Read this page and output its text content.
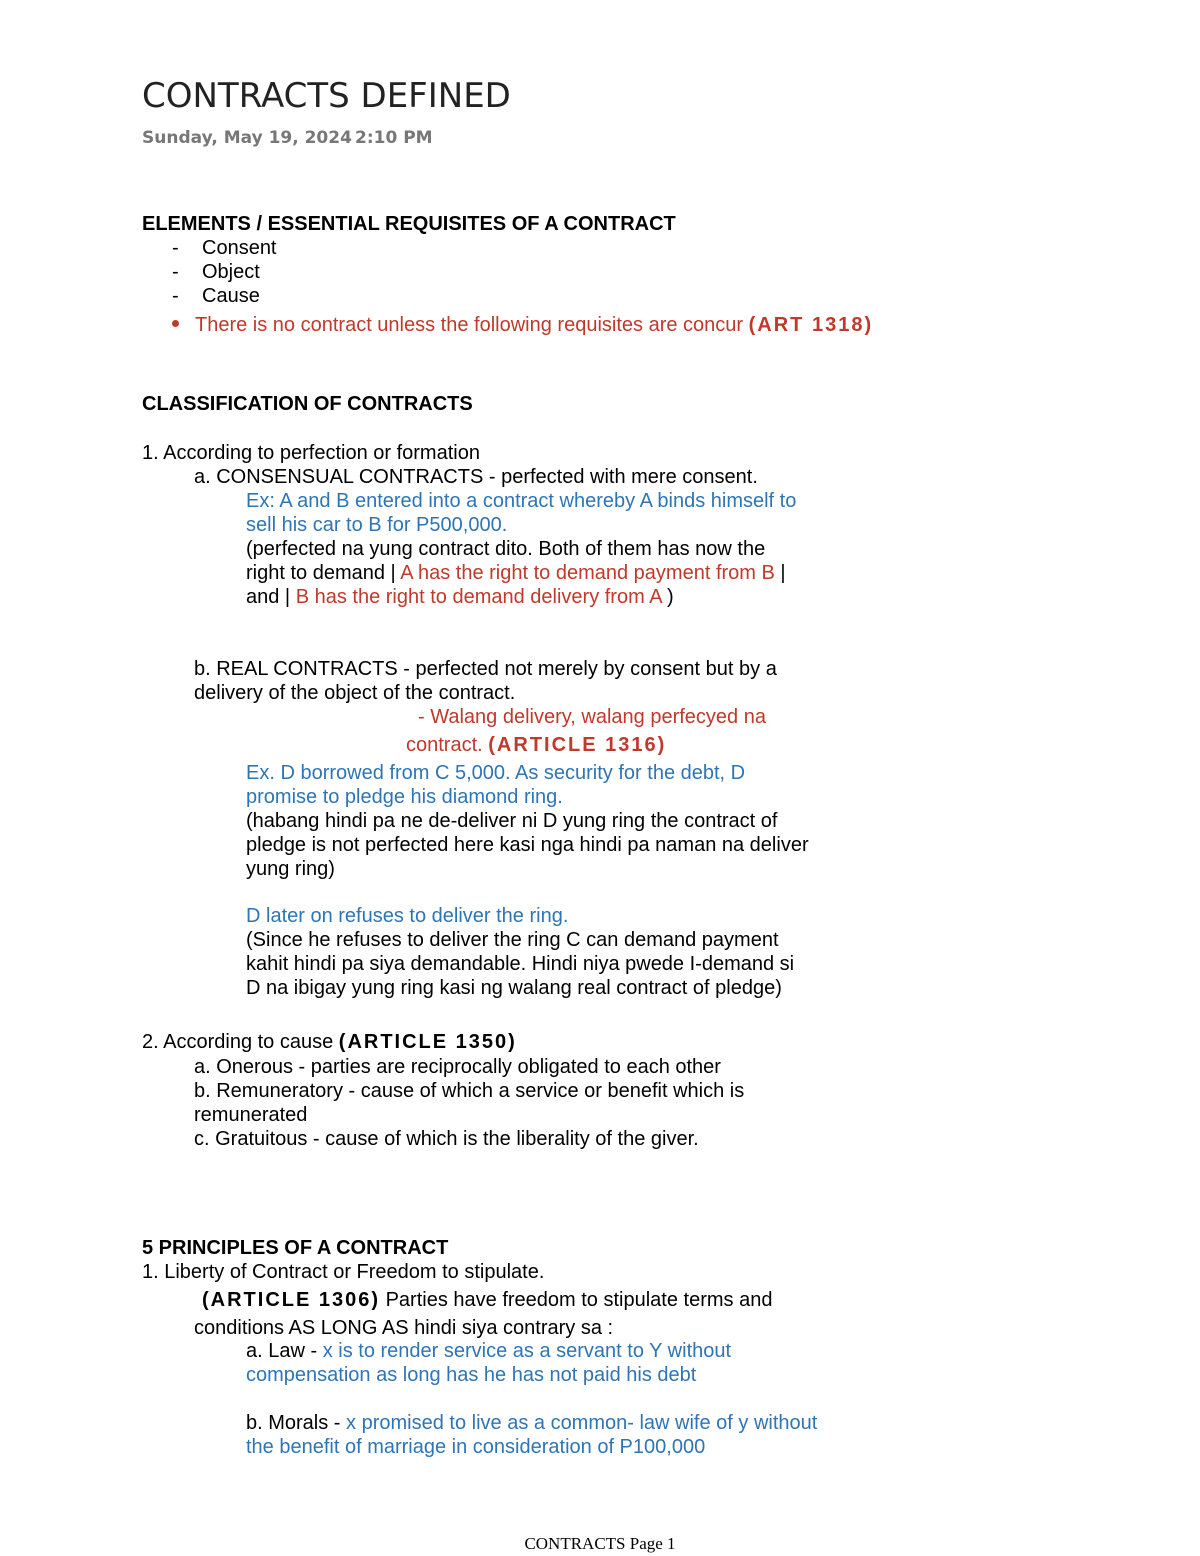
CONTRACTS DEFINED
Sunday, May 19, 2024 2:10 PM
ELEMENTS / ESSENTIAL REQUISITES OF A CONTRACT
- Consent
- Object
- Cause
There is no contract unless the following requisites are concur (ART 1318)
CLASSIFICATION OF CONTRACTS
1. According to perfection or formation
a. CONSENSUAL CONTRACTS - perfected with mere consent.
Ex: A and B entered into a contract whereby A binds himself to
sell his car to B for P500,000.
(perfected na yung contract dito. Both of them has now the
right to demand | A has the right to demand payment from B |
and | B has the right to demand delivery from A )
b. REAL CONTRACTS - perfected not merely by consent but by a
delivery of the object of the contract.
- Walang delivery, walang perfecyed na
contract. (ARTICLE 1316)
Ex. D borrowed from C 5,000. As security for the debt, D
promise to pledge his diamond ring.
(habang hindi pa ne de-deliver ni D yung ring the contract of
pledge is not perfected here kasi nga hindi pa naman na deliver
yung ring)
D later on refuses to deliver the ring.
(Since he refuses to deliver the ring C can demand payment
kahit hindi pa siya demandable. Hindi niya pwede I-demand si
D na ibigay yung ring kasi ng walang real contract of pledge)
2. According to cause (ARTICLE 1350)
a. Onerous - parties are reciprocally obligated to each other
b. Remuneratory - cause of which a service or benefit which is
remunerated
c. Gratuitous - cause of which is the liberality of the giver.
5 PRINCIPLES OF A CONTRACT
1. Liberty of Contract or Freedom to stipulate.
(ARTICLE 1306) Parties have freedom to stipulate terms and
conditions AS LONG AS hindi siya contrary sa :
a. Law - x is to render service as a servant to Y without
compensation as long has he has not paid his debt
b. Morals - x promised to live as a common- law wife of y without
the benefit of marriage in consideration of P100,000
CONTRACTS Page 1
